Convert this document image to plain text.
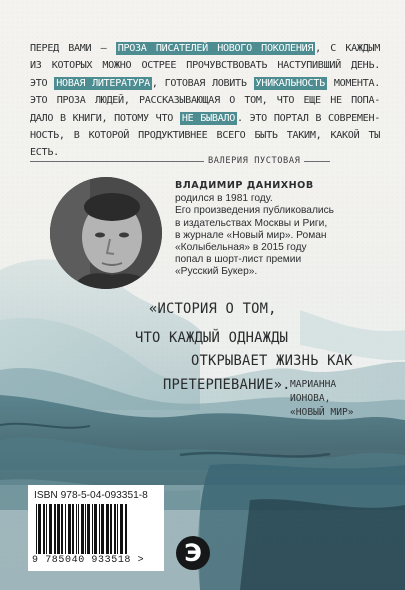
ПЕРЕД ВАМИ – ПРОЗА ПИСАТЕЛЕЙ НОВОГО ПОКОЛЕНИЯ , С КАЖДЫМ
ИЗ КОТОРЫХ МОЖНО ОСТРЕЕ ПРОЧУВСТВОВАТЬ НАСТУПИВШИЙ ДЕНЬ.
ЭТО НОВАЯ ЛИТЕРАТУРА , ГОТОВАЯ ЛОВИТЬ УНИКАЛЬНОСТЬ МОМЕНТА.
ЭТО ПРОЗА ЛЮДЕЙ, РАССКАЗЫВАЮЩАЯ О ТОМ, ЧТО ЕЩЕ НЕ ПОПА-
ДАЛО В КНИГИ, ПОТОМУ ЧТО НЕ БЫВАЛО . ЭТО ПОРТАЛ В СОВРЕМЕН-
НОСТЬ, В КОТОРОЙ ПРОДУКТИВНЕЕ ВСЕГО БЫТЬ ТАКИМ, КАКОЙ ТЫ ЕСТЬ.
ВАЛЕРИЯ ПУСТОВАЯ
ВЛАДИМИР ДАНИХНОВ
родился в 1981 году.
Его произведения публиковались
в издательствах Москвы и Риги,
в журнале «Новый мир». Роман
«Колыбельная» в 2015 году
попал в шорт-лист премии
«Русский Букер».
«ИСТОРИЯ О ТОМ,
ЧТО КАЖДЫЙ ОДНАЖДЫ
ОТКРЫВАЕТ ЖИЗНЬ КАК
ПРЕТЕРПЕВАНИЕ». МАРИАННА
ИОНОВА,
«НОВЫЙ МИР»
ISBN 978-5-04-093351-8
9 785040 933518 >	Э
